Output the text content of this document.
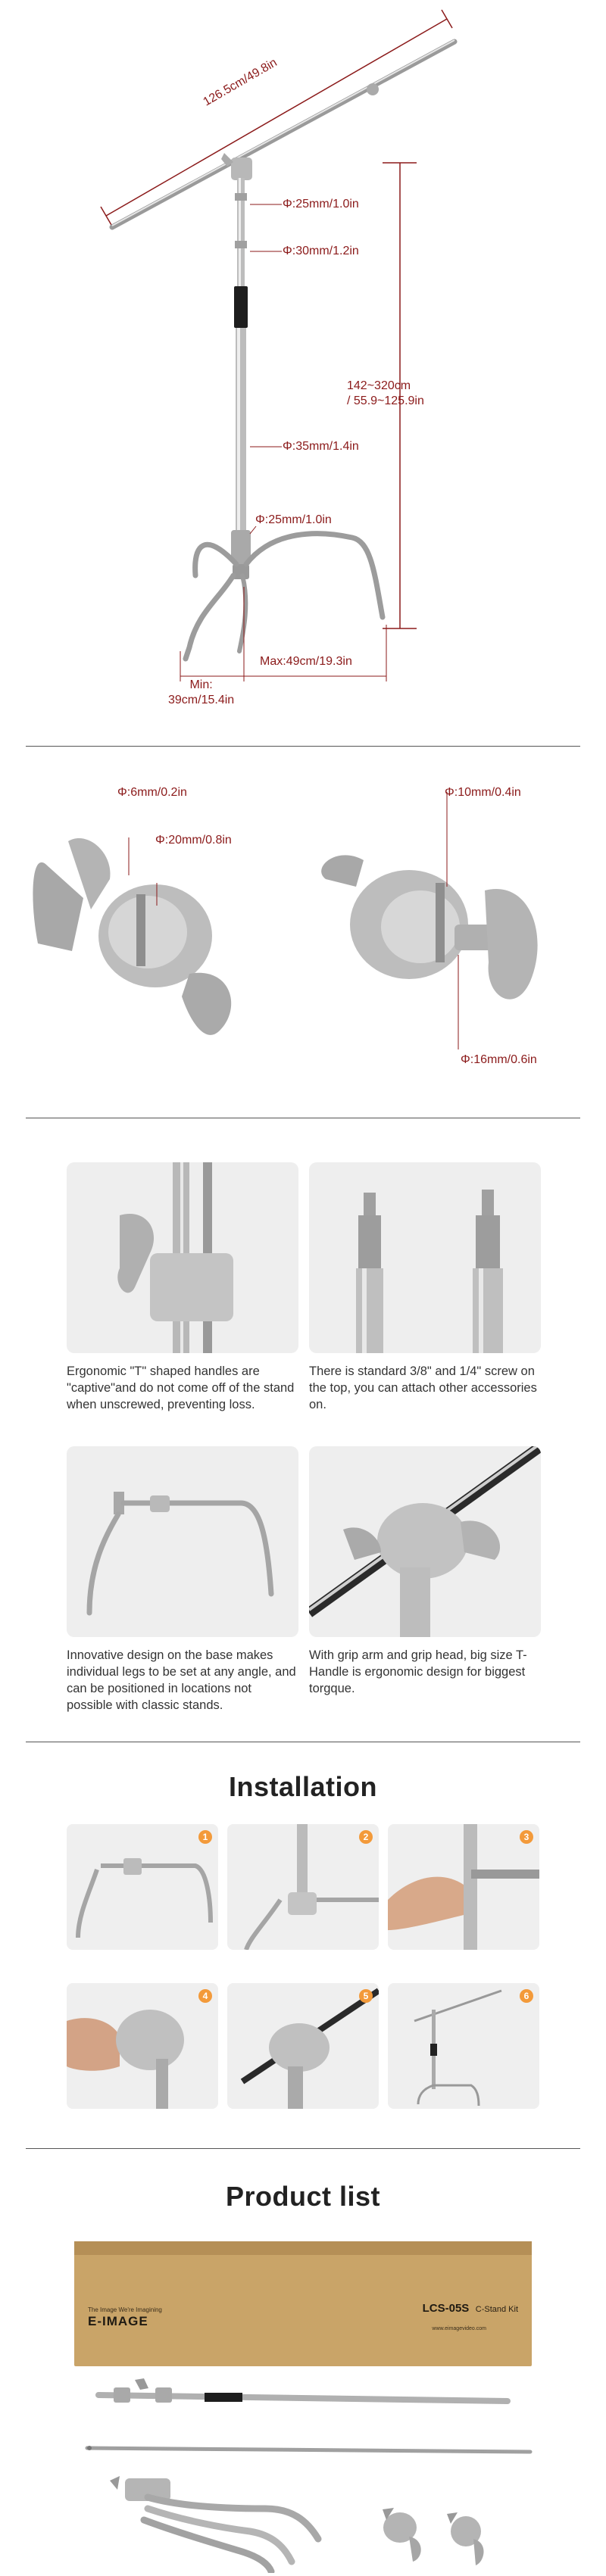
126.5cm/49.8in
Φ:25mm/1.0in
Φ:30mm/1.2in
142~320cm
/ 55.9~125.9in
Φ:35mm/1.4in
Φ:25mm/1.0in
Max:49cm/19.3in
Min:
39cm/15.4in
Φ:6mm/0.2in
Φ:20mm/0.8in
Φ:10mm/0.4in
Φ:16mm/0.6in
Ergonomic "T" shaped handles are "captive"and do not come off of the stand when unscrewed, preventing loss.
There is standard 3/8" and 1/4" screw on the top, you can attach other accessories on.
Innovative design on the base makes individual legs to be set at any angle, and can be positioned in locations not possible with classic stands.
With grip arm and grip head, big size T-Handle is ergonomic design for biggest torgque.
Installation
1	2	3
4	5	6
Product list
The Image We're Imagining
E-IMAGE
LCS-05S C-Stand Kit
www.eimagevideo.com
